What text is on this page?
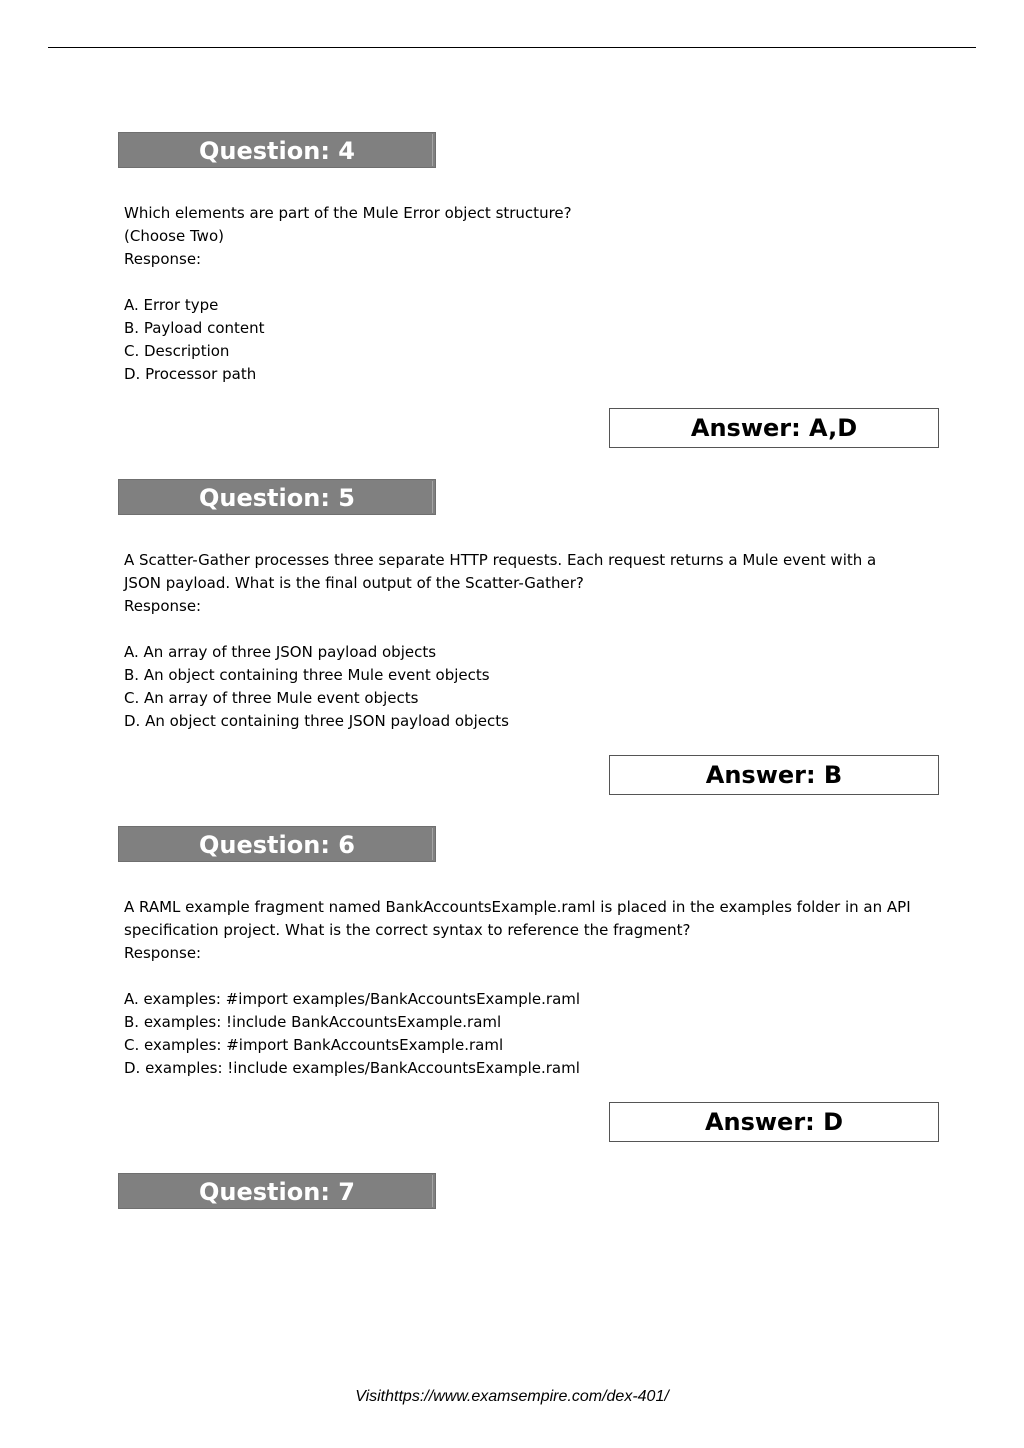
Question: 4
Which elements are part of the Mule Error object structure?
(Choose Two)
Response:
A. Error type
B. Payload content
C. Description
D. Processor path
Answer: A,D
Question: 5
A Scatter-Gather processes three separate HTTP requests. Each request returns a Mule event with a
JSON payload. What is the final output of the Scatter-Gather?
Response:
A. An array of three JSON payload objects
B. An object containing three Mule event objects
C. An array of three Mule event objects
D. An object containing three JSON payload objects
Answer: B
Question: 6
A RAML example fragment named BankAccountsExample.raml is placed in the examples folder in an API
specification project. What is the correct syntax to reference the fragment?
Response:
A. examples: #import examples/BankAccountsExample.raml
B. examples: !include BankAccountsExample.raml
C. examples: #import BankAccountsExample.raml
D. examples: !include examples/BankAccountsExample.raml
Answer: D
Question: 7
Visithttps://www.examsempire.com/dex-401/
